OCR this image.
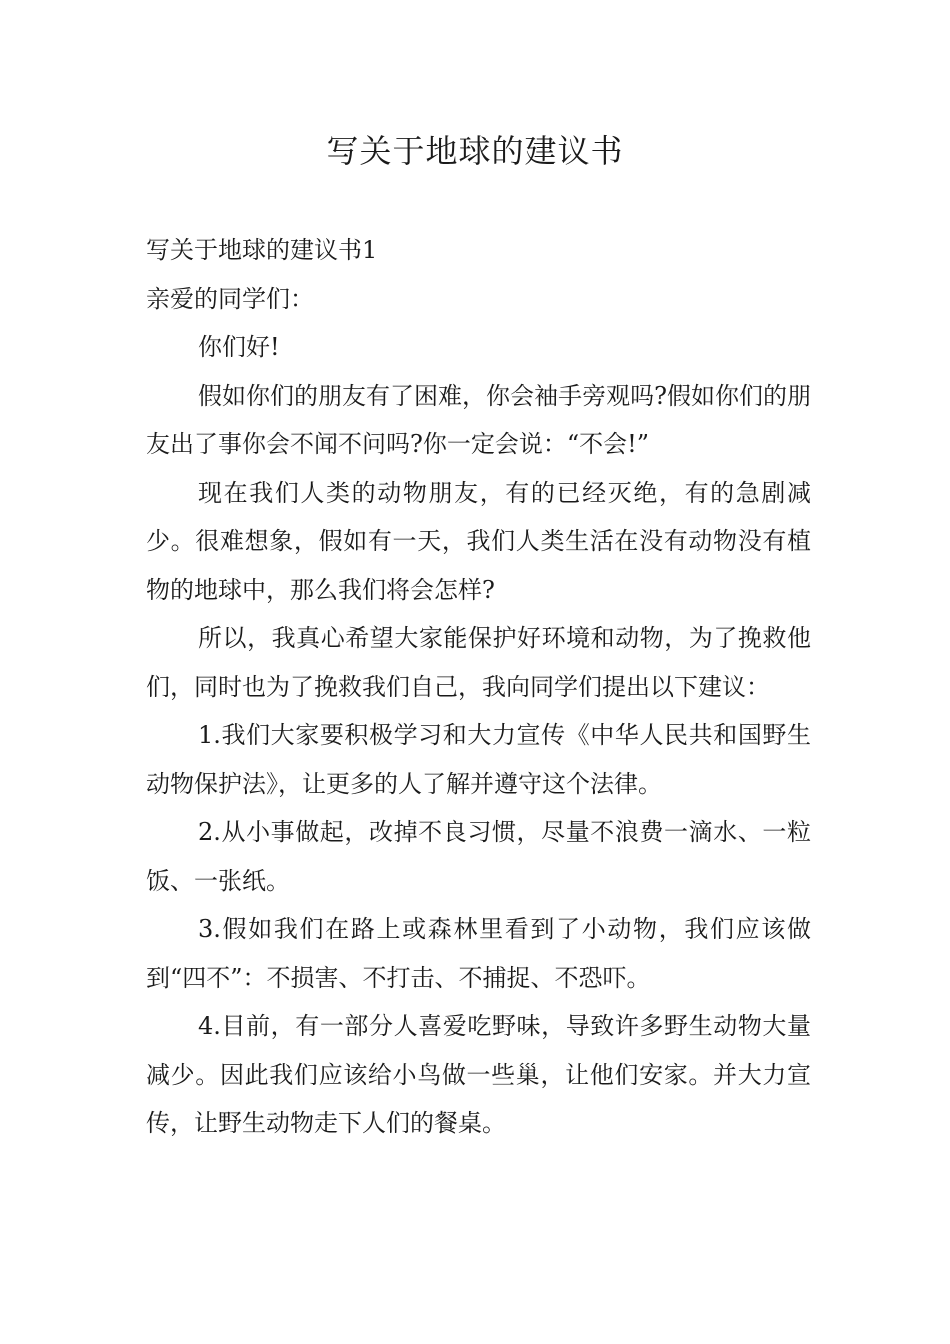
写关于地球的建议书

写关于地球的建议书1

亲爱的同学们：

你们好!

假如你们的朋友有了困难，你会袖手旁观吗?假如你们的朋友出了事你会不闻不问吗?你一定会说：“不会!”

现在我们人类的动物朋友，有的已经灭绝，有的急剧减少。很难想象，假如有一天，我们人类生活在没有动物没有植物的地球中，那么我们将会怎样?

所以，我真心希望大家能保护好环境和动物，为了挽救他们，同时也为了挽救我们自己，我向同学们提出以下建议：

1.我们大家要积极学习和大力宣传《中华人民共和国野生动物保护法》，让更多的人了解并遵守这个法律。

2.从小事做起，改掉不良习惯，尽量不浪费一滴水、一粒饭、一张纸。

3.假如我们在路上或森林里看到了小动物，我们应该做到“四不”：不损害、不打击、不捕捉、不恐吓。

4.目前，有一部分人喜爱吃野味，导致许多野生动物大量减少。因此我们应该给小鸟做一些巢，让他们安家。并大力宣传，让野生动物走下人们的餐桌。
